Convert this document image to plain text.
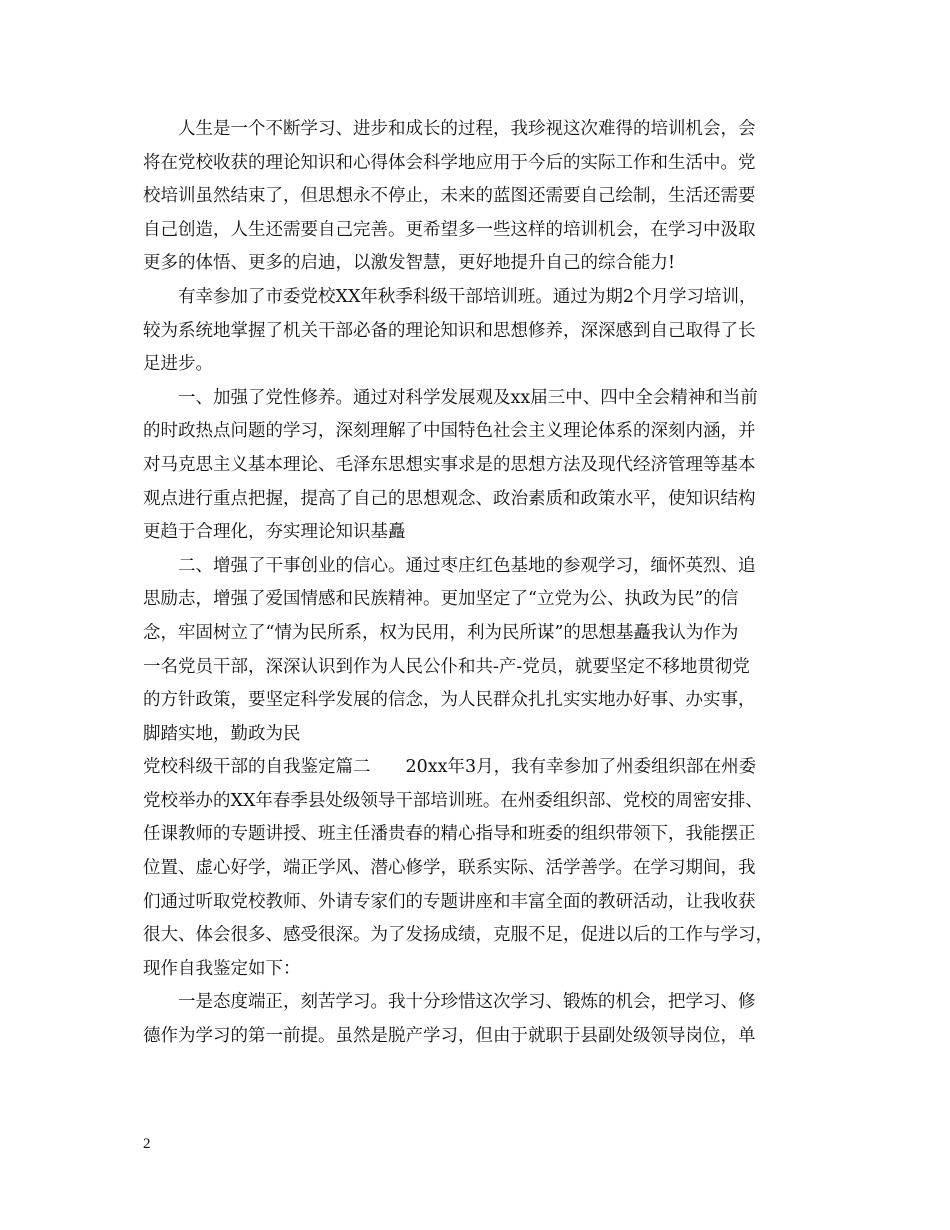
　　人生是一个不断学习、进步和成长的过程，我珍视这次难得的培训机会，会
将在党校收获的理论知识和心得体会科学地应用于今后的实际工作和生活中。党
校培训虽然结束了，但思想永不停止，未来的蓝图还需要自己绘制，生活还需要
自己创造，人生还需要自己完善。更希望多一些这样的培训机会，在学习中汲取
更多的体悟、更多的启迪，以激发智慧，更好地提升自己的综合能力!
　　有幸参加了市委党校XX年秋季科级干部培训班。通过为期2个月学习培训，
较为系统地掌握了机关干部必备的理论知识和思想修养，深深感到自己取得了长
足进步。
　　一、加强了党性修养。通过对科学发展观及xx届三中、四中全会精神和当前
的时政热点问题的学习，深刻理解了中国特色社会主义理论体系的深刻内涵，并
对马克思主义基本理论、毛泽东思想实事求是的思想方法及现代经济管理等基本
观点进行重点把握，提高了自己的思想观念、政治素质和政策水平，使知识结构
更趋于合理化，夯实理论知识基矗
　　二、增强了干事创业的信心。通过枣庄红色基地的参观学习，缅怀英烈、追
思励志，增强了爱国情感和民族精神。更加坚定了“立党为公、执政为民”的信
念，牢固树立了“情为民所系，权为民用，利为民所谋”的思想基矗我认为作为
一名党员干部，深深认识到作为人民公仆和共-产-党员，就要坚定不移地贯彻党
的方针政策，要坚定科学发展的信念，为人民群众扎扎实实地办好事、办实事，
脚踏实地，勤政为民
党校科级干部的自我鉴定篇二　　20xx年3月，我有幸参加了州委组织部在州委
党校举办的XX年春季县处级领导干部培训班。在州委组织部、党校的周密安排、
任课教师的专题讲授、班主任潘贵春的精心指导和班委的组织带领下，我能摆正
位置、虚心好学，端正学风、潜心修学，联系实际、活学善学。在学习期间，我
们通过听取党校教师、外请专家们的专题讲座和丰富全面的教研活动，让我收获
很大、体会很多、感受很深。为了发扬成绩，克服不足，促进以后的工作与学习，
现作自我鉴定如下：
　　一是态度端正，刻苦学习。我十分珍惜这次学习、锻炼的机会，把学习、修
德作为学习的第一前提。虽然是脱产学习，但由于就职于县副处级领导岗位，单
2
